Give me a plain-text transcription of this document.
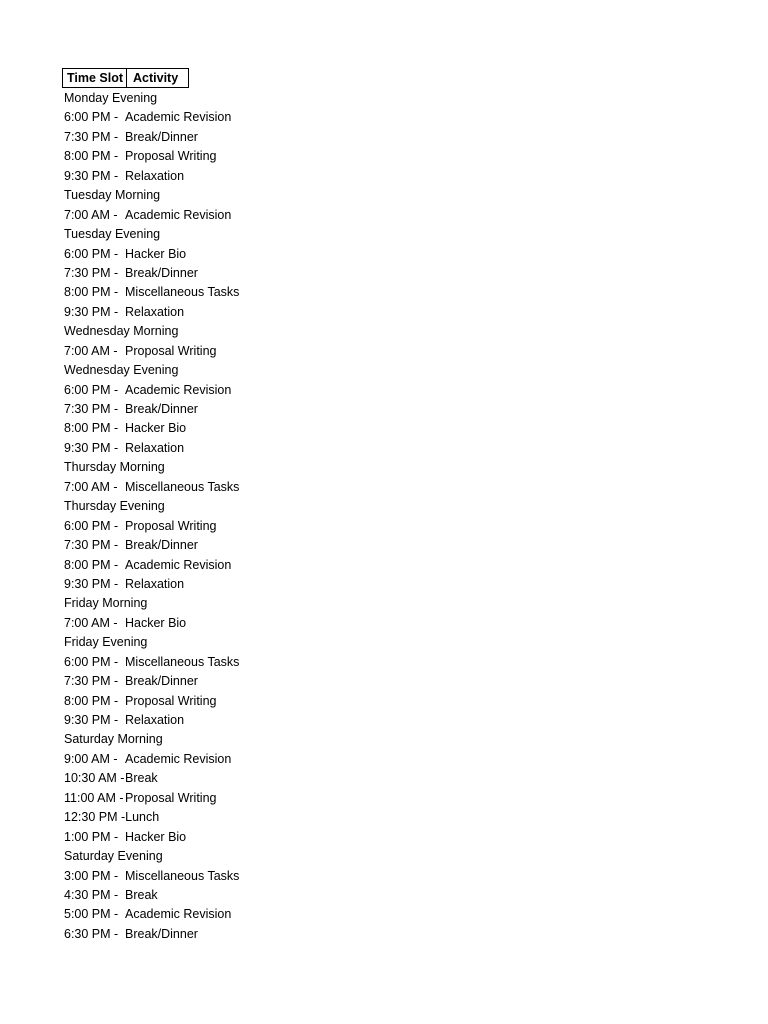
Time Slot Activity
Monday Evening
6:00 PM - Academic Revision
7:30 PM - Break/Dinner
8:00 PM - Proposal Writing
9:30 PM - Relaxation
Tuesday Morning
7:00 AM - Academic Revision
Tuesday Evening
6:00 PM - Hacker Bio
7:30 PM - Break/Dinner
8:00 PM - Miscellaneous Tasks
9:30 PM - Relaxation
Wednesday Morning
7:00 AM - Proposal Writing
Wednesday Evening
6:00 PM - Academic Revision
7:30 PM - Break/Dinner
8:00 PM - Hacker Bio
9:30 PM - Relaxation
Thursday Morning
7:00 AM - Miscellaneous Tasks
Thursday Evening
6:00 PM - Proposal Writing
7:30 PM - Break/Dinner
8:00 PM - Academic Revision
9:30 PM - Relaxation
Friday Morning
7:00 AM - Hacker Bio
Friday Evening
6:00 PM - Miscellaneous Tasks
7:30 PM - Break/Dinner
8:00 PM - Proposal Writing
9:30 PM - Relaxation
Saturday Morning
9:00 AM - Academic Revision
10:30 AM - Break
11:00 AM - Proposal Writing
12:30 PM - Lunch
1:00 PM - Hacker Bio
Saturday Evening
3:00 PM - Miscellaneous Tasks
4:30 PM - Break
5:00 PM - Academic Revision
6:30 PM - Break/Dinner
